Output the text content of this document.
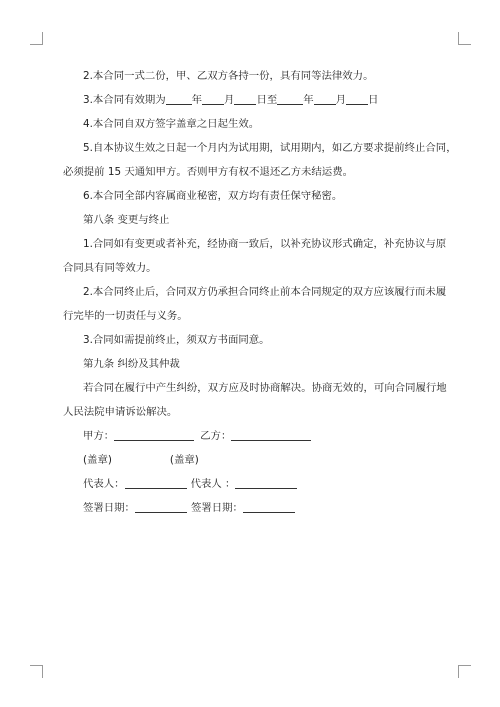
2.本合同一式二份，甲、乙双方各持一份，具有同等法律效力。
3.本合同有效期为	年 月 日至	年 月 日
4.本合同自双方签字盖章之日起生效。
5.自本协议生效之日起一个月内为试用期，试用期内，如乙方要求提前终止合同，
必须提前 15 天通知甲方。否则甲方有权不退还乙方未结运费。
6.本合同全部内容属商业秘密，双方均有责任保守秘密。
第八条 变更与终止
1.合同如有变更或者补充，经协商一致后，以补充协议形式确定，补充协议与原
合同具有同等效力。
2.本合同终止后，合同双方仍承担合同终止前本合同规定的双方应该履行而未履
行完毕的一切责任与义务。
3.合同如需提前终止，须双方书面同意。
第九条 纠纷及其仲裁
若合同在履行中产生纠纷，双方应及时协商解决。协商无效的，可向合同履行地
人民法院申请诉讼解决。
甲方：	乙方：
(盖章)	(盖章)
代表人：	代表人 ：
签署日期：	签署日期：
